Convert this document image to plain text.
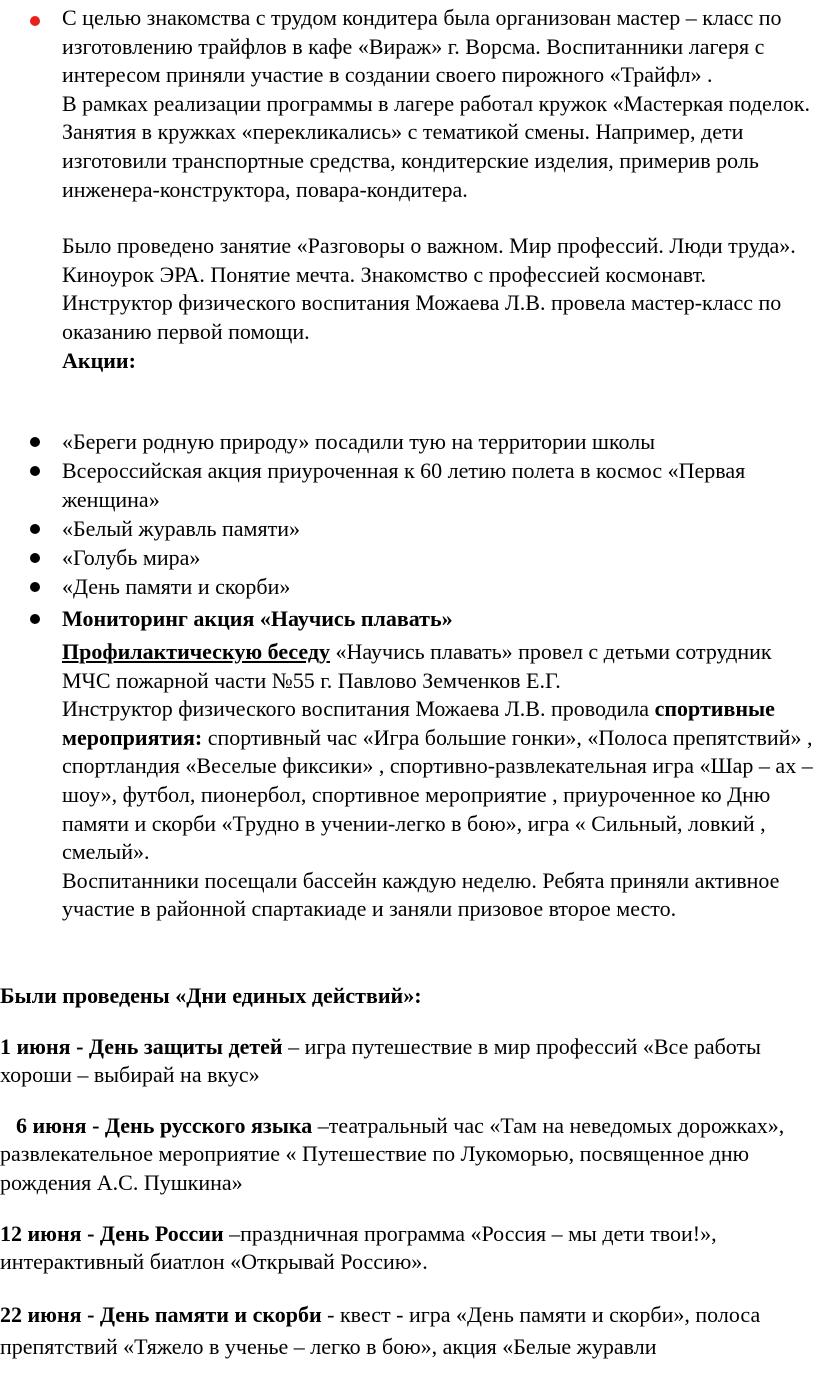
С целью знакомства с трудом кондитера была организован мастер – класс по изготовлению трайфлов в кафе «Вираж» г. Ворсма. Воспитанники лагеря с интересом приняли участие в создании своего пирожного «Трайфл» .

В рамках реализации программы в лагере работал кружок «Мастеркая поделок. Занятия в кружках «перекликались» с тематикой смены. Например, дети изготовили транспортные средства, кондитерские изделия, примерив роль инженера-конструктора, повара-кондитера.

Было проведено занятие «Разговоры о важном. Мир профессий. Люди труда».

Киноурок ЭРА. Понятие мечта. Знакомство с профессией космонавт.

Инструктор физического воспитания Можаева Л.В. провела мастер-класс по оказанию первой помощи.

Акции:

«Береги родную природу» посадили тую на территории школы

Всероссийская акция приуроченная к 60 летию полета в космос «Первая женщина»

«Белый журавль памяти»

«Голубь мира»

«День памяти и скорби»

Мониторинг акция «Научись плавать»

Профилактическую беседу «Научись плавать» провел с детьми сотрудник МЧС пожарной части №55 г. Павлово Земченков Е.Г.

Инструктор физического воспитания Можаева Л.В. проводила спортивные мероприятия: спортивный час «Игра большие гонки», «Полоса препятствий» , спортландия «Веселые фиксики» , спортивно-развлекательная игра «Шар – ах – шоу», футбол, пионербол, спортивное мероприятие , приуроченное ко Дню памяти и скорби «Трудно в учении-легко в бою», игра « Сильный, ловкий , смелый».

Воспитанники посещали бассейн каждую неделю. Ребята приняли активное участие в районной спартакиаде и заняли призовое второе место.

Были проведены «Дни единых действий»:

1 июня - День защиты детей – игра путешествие в мир профессий «Все работы хороши – выбирай на вкус»

6 июня - День русского языка –театральный час «Там на неведомых дорожках», развлекательное мероприятие « Путешествие по Лукоморью, посвященное дню рождения А.С. Пушкина»

12 июня - День России –праздничная программа «Россия – мы дети твои!», интерактивный биатлон «Открывай Россию».

22 июня - День памяти и скорби - квест - игра «День памяти и скорби», полоса препятствий «Тяжело в ученье – легко в бою», акция «Белые журавли
